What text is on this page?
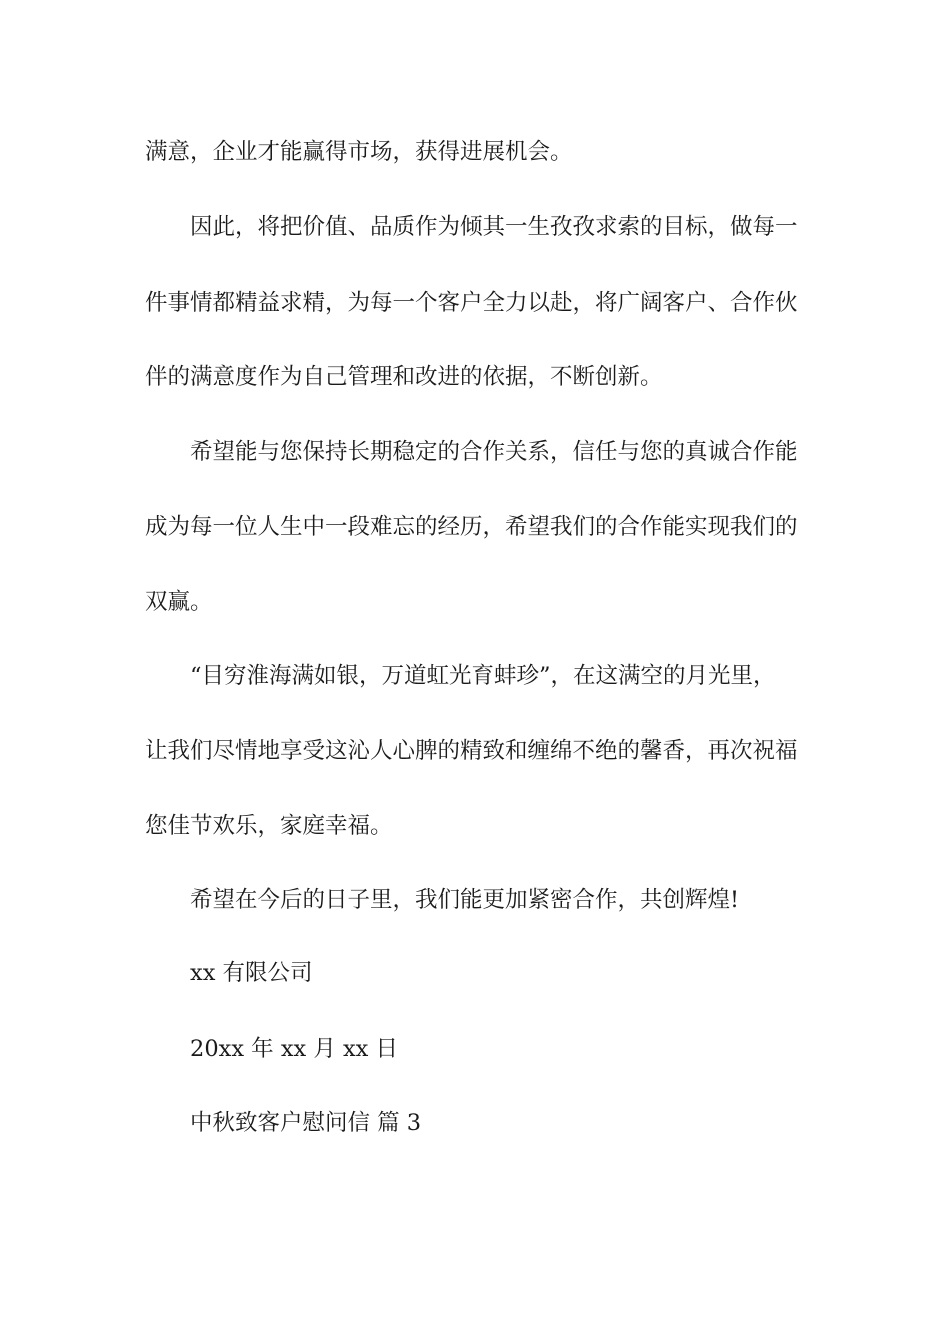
满意，企业才能赢得市场，获得进展机会。
因此，将把价值、品质作为倾其一生孜孜求索的目标，做每一
件事情都精益求精，为每一个客户全力以赴，将广阔客户、合作伙
伴的满意度作为自己管理和改进的依据，不断创新。
希望能与您保持长期稳定的合作关系，信任与您的真诚合作能
成为每一位人生中一段难忘的经历，希望我们的合作能实现我们的
双赢。
“目穷淮海满如银，万道虹光育蚌珍”，在这满空的月光里，
让我们尽情地享受这沁人心脾的精致和缠绵不绝的馨香，再次祝福
您佳节欢乐，家庭幸福。
希望在今后的日子里，我们能更加紧密合作，共创辉煌!
xx 有限公司
20xx 年 xx 月 xx 日
中秋致客户慰问信 篇 3
